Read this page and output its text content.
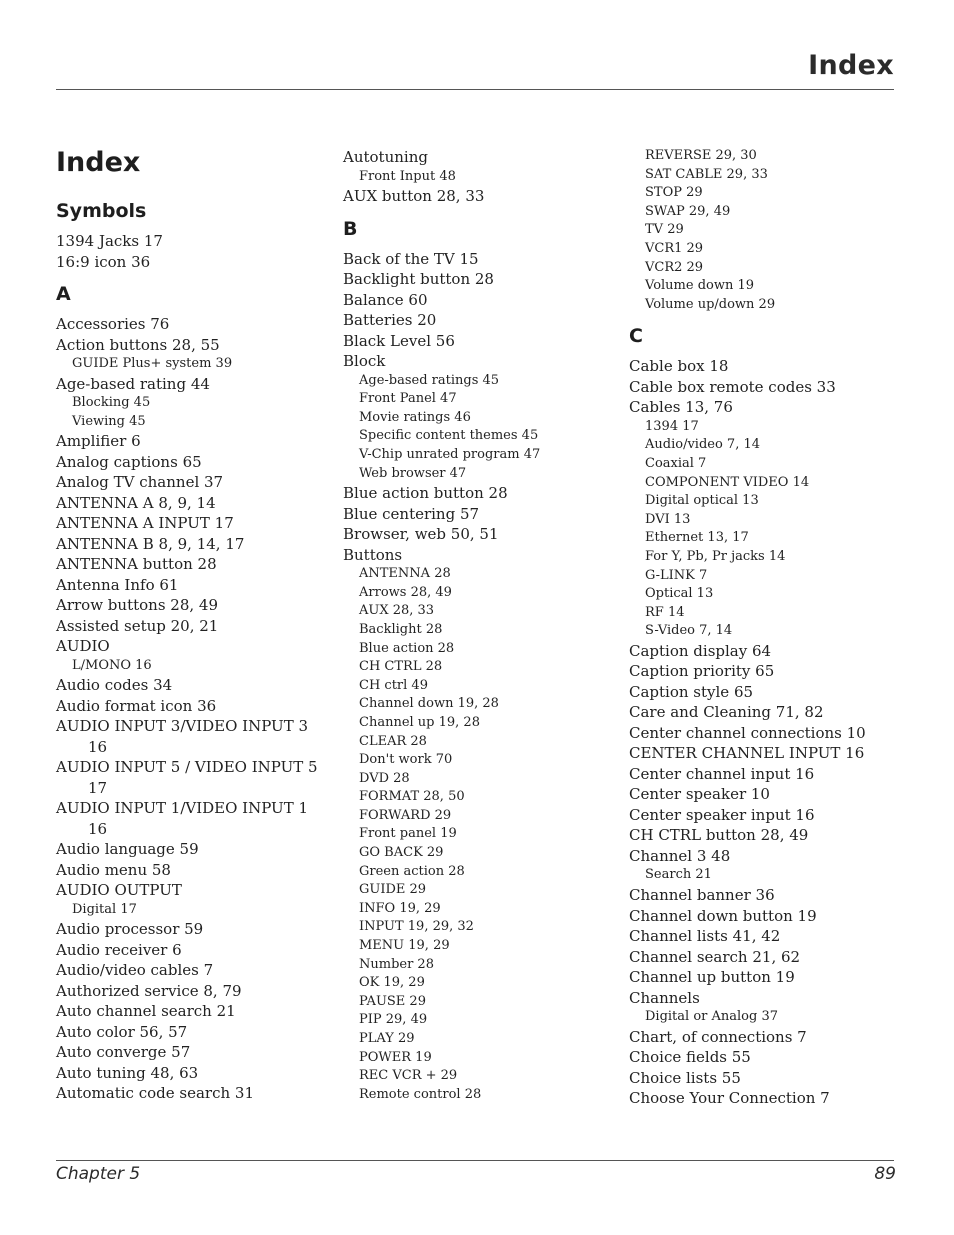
Index
Index
Symbols
1394 Jacks 17
16:9 icon 36
A
Accessories 76
Action buttons 28, 55
GUIDE Plus+ system 39
Age-based rating 44
Blocking 45
Viewing 45
Amplifier 6
Analog captions 65
Analog TV channel 37
ANTENNA A 8, 9, 14
ANTENNA A INPUT 17
ANTENNA B 8, 9, 14, 17
ANTENNA button 28
Antenna Info 61
Arrow buttons 28, 49
Assisted setup 20, 21
AUDIO
L/MONO 16
Audio codes 34
Audio format icon 36
AUDIO INPUT 3/VIDEO INPUT 3
16
AUDIO INPUT 5 / VIDEO INPUT 5
17
AUDIO INPUT 1/VIDEO INPUT 1
16
Audio language 59
Audio menu 58
AUDIO OUTPUT
Digital 17
Audio processor 59
Audio receiver 6
Audio/video cables 7
Authorized service 8, 79
Auto channel search 21
Auto color 56, 57
Auto converge 57
Auto tuning 48, 63
Automatic code search 31
Autotuning
Front Input 48
AUX button 28, 33
B
Back of the TV 15
Backlight button 28
Balance 60
Batteries 20
Black Level 56
Block
Age-based ratings 45
Front Panel 47
Movie ratings 46
Specific content themes 45
V-Chip unrated program 47
Web browser 47
Blue action button 28
Blue centering 57
Browser, web 50, 51
Buttons
ANTENNA 28
Arrows 28, 49
AUX 28, 33
Backlight 28
Blue action 28
CH CTRL 28
CH ctrl 49
Channel down 19, 28
Channel up 19, 28
CLEAR 28
Don't work 70
DVD 28
FORMAT 28, 50
FORWARD 29
Front panel 19
GO BACK 29
Green action 28
GUIDE 29
INFO 19, 29
INPUT 19, 29, 32
MENU 19, 29
Number 28
OK 19, 29
PAUSE 29
PIP 29, 49
PLAY 29
POWER 19
REC VCR + 29
Remote control 28
REVERSE 29, 30
SAT CABLE 29, 33
STOP 29
SWAP 29, 49
TV 29
VCR1 29
VCR2 29
Volume down 19
Volume up/down 29
C
Cable box 18
Cable box remote codes 33
Cables 13, 76
1394 17
Audio/video 7, 14
Coaxial 7
COMPONENT VIDEO 14
Digital optical 13
DVI 13
Ethernet 13, 17
For Y, Pb, Pr jacks 14
G-LINK 7
Optical 13
RF 14
S-Video 7, 14
Caption display 64
Caption priority 65
Caption style 65
Care and Cleaning 71, 82
Center channel connections 10
CENTER CHANNEL INPUT 16
Center channel input 16
Center speaker 10
Center speaker input 16
CH CTRL button 28, 49
Channel 3 48
Search 21
Channel banner 36
Channel down button 19
Channel lists 41, 42
Channel search 21, 62
Channel up button 19
Channels
Digital or Analog 37
Chart, of connections 7
Choice fields 55
Choice lists 55
Choose Your Connection 7
Chapter 5	89
